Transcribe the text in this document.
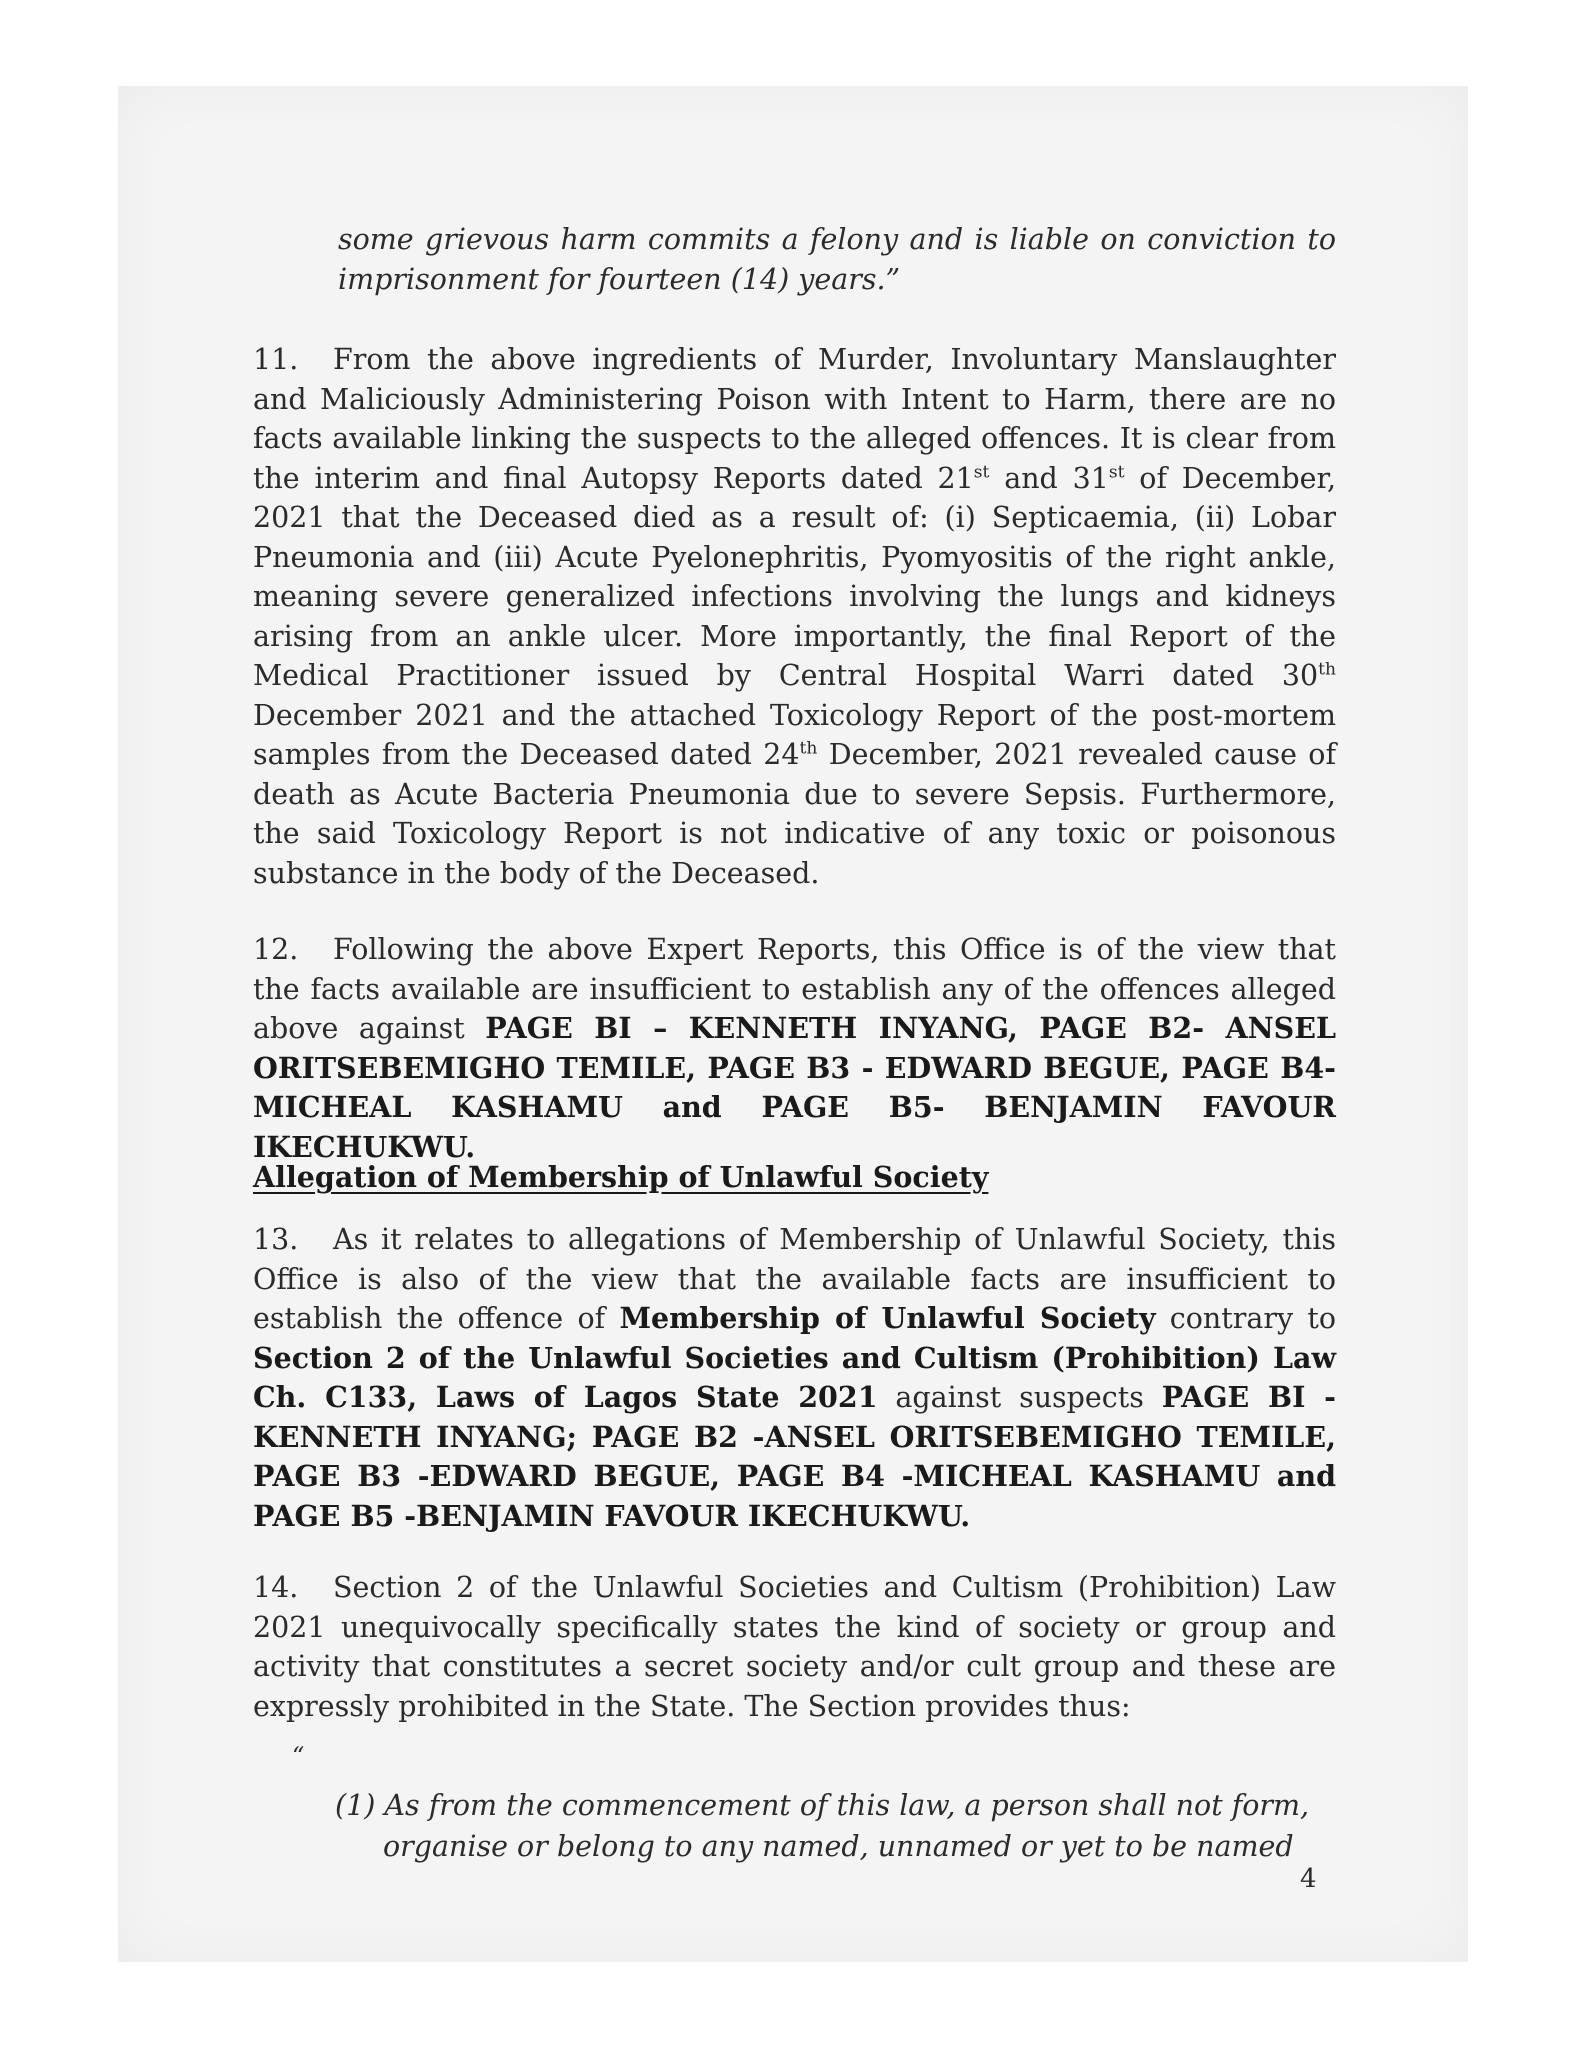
some grievous harm commits a felony and is liable on conviction to
imprisonment for fourteen (14) years.”
11. From the above ingredients of Murder, Involuntary Manslaughter and Maliciously Administering Poison with Intent to Harm, there are no facts available linking the suspects to the alleged offences. It is clear from the interim and final Autopsy Reports dated 21st and 31st of December, 2021 that the Deceased died as a result of: (i) Septicaemia, (ii) Lobar Pneumonia and (iii) Acute Pyelonephritis, Pyomyositis of the right ankle, meaning severe generalized infections involving the lungs and kidneys arising from an ankle ulcer. More importantly, the final Report of the Medical Practitioner issued by Central Hospital Warri dated 30th December 2021 and the attached Toxicology Report of the post-mortem samples from the Deceased dated 24th December, 2021 revealed cause of death as Acute Bacteria Pneumonia due to severe Sepsis. Furthermore, the said Toxicology Report is not indicative of any toxic or poisonous substance in the body of the Deceased.
12. Following the above Expert Reports, this Office is of the view that the facts available are insufficient to establish any of the offences alleged above against PAGE BI – KENNETH INYANG, PAGE B2- ANSEL ORITSEBEMIGHO TEMILE, PAGE B3 - EDWARD BEGUE, PAGE B4- MICHEAL KASHAMU and PAGE B5- BENJAMIN FAVOUR IKECHUKWU.
Allegation of Membership of Unlawful Society
13. As it relates to allegations of Membership of Unlawful Society, this Office is also of the view that the available facts are insufficient to establish the offence of Membership of Unlawful Society contrary to Section 2 of the Unlawful Societies and Cultism (Prohibition) Law Ch. C133, Laws of Lagos State 2021 against suspects PAGE BI - KENNETH INYANG; PAGE B2 -ANSEL ORITSEBEMIGHO TEMILE, PAGE B3 -EDWARD BEGUE, PAGE B4 -MICHEAL KASHAMU and PAGE B5 -BENJAMIN FAVOUR IKECHUKWU.
14. Section 2 of the Unlawful Societies and Cultism (Prohibition) Law 2021 unequivocally specifically states the kind of society or group and activity that constitutes a secret society and/or cult group and these are expressly prohibited in the State. The Section provides thus:
“
(1) As from the commencement of this law, a person shall not form,
organise or belong to any named, unnamed or yet to be named
4
